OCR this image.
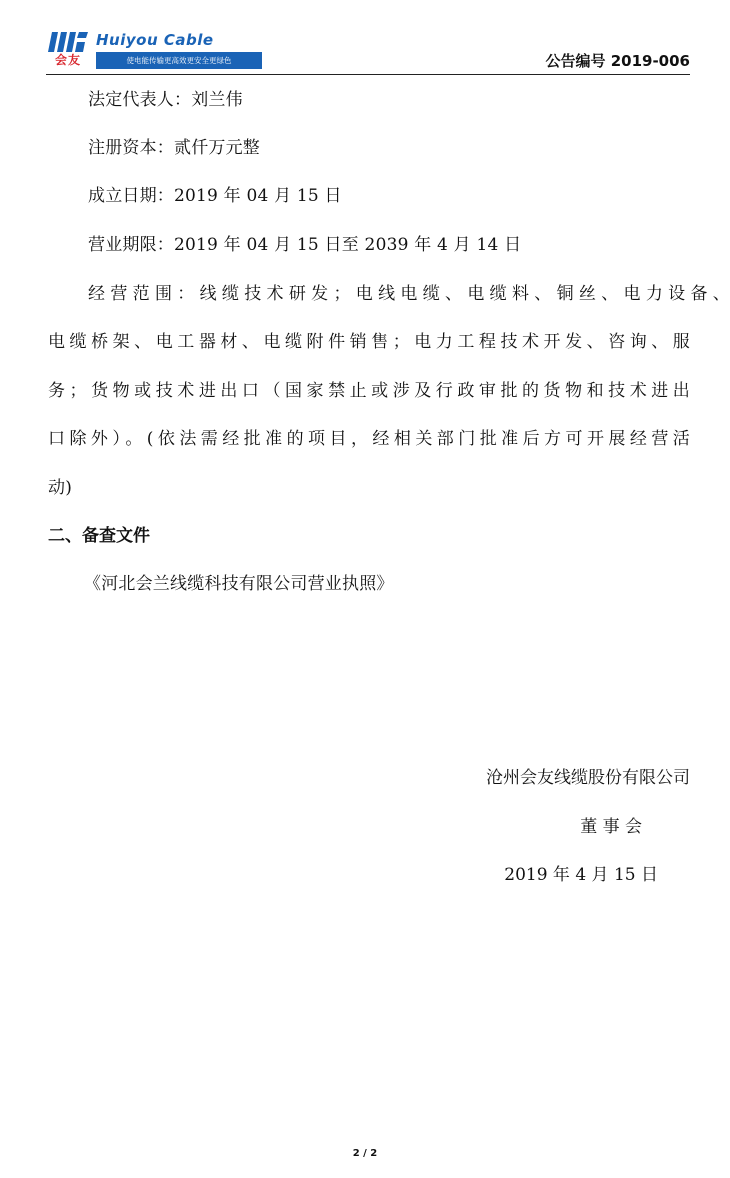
会友
Huiyou Cable
使电能传输更高效更安全更绿色	公告编号 2019-006
法定代表人：刘兰伟
注册资本：贰仟万元整
成立日期：2019 年 04 月 15 日
营业期限：2019 年 04 月 15 日至 2039 年 4 月 14 日
经营范围：线缆技术研发；电线电缆、电缆料、铜丝、电力设备、
电缆桥架、电工器材、电缆附件销售；电力工程技术开发、咨询、服
务；货物或技术进出口（国家禁止或涉及行政审批的货物和技术进出
口除外）。(依法需经批准的项目，经相关部门批准后方可开展经营活
动)
二、备查文件
《河北会兰线缆科技有限公司营业执照》
沧州会友线缆股份有限公司
董 事 会
2019 年 4 月 15 日
2 / 2
